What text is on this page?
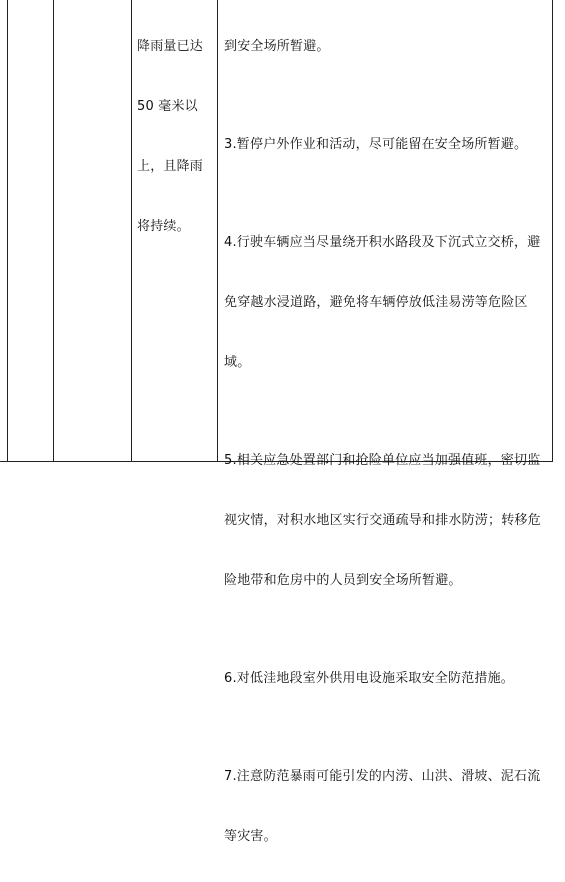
降雨量已达

50 毫米以

上，且降雨

将持续。

到安全场所暂避。

3.暂停户外作业和活动，尽可能留在安全场所暂避。

4.行驶车辆应当尽量绕开积水路段及下沉式立交桥，避

免穿越水浸道路，避免将车辆停放低洼易涝等危险区

域。

5.相关应急处置部门和抢险单位应当加强值班，密切监

视灾情，对积水地区实行交通疏导和排水防涝；转移危

险地带和危房中的人员到安全场所暂避。

6.对低洼地段室外供用电设施采取安全防范措施。

7.注意防范暴雨可能引发的内涝、山洪、滑坡、泥石流

等灾害。
